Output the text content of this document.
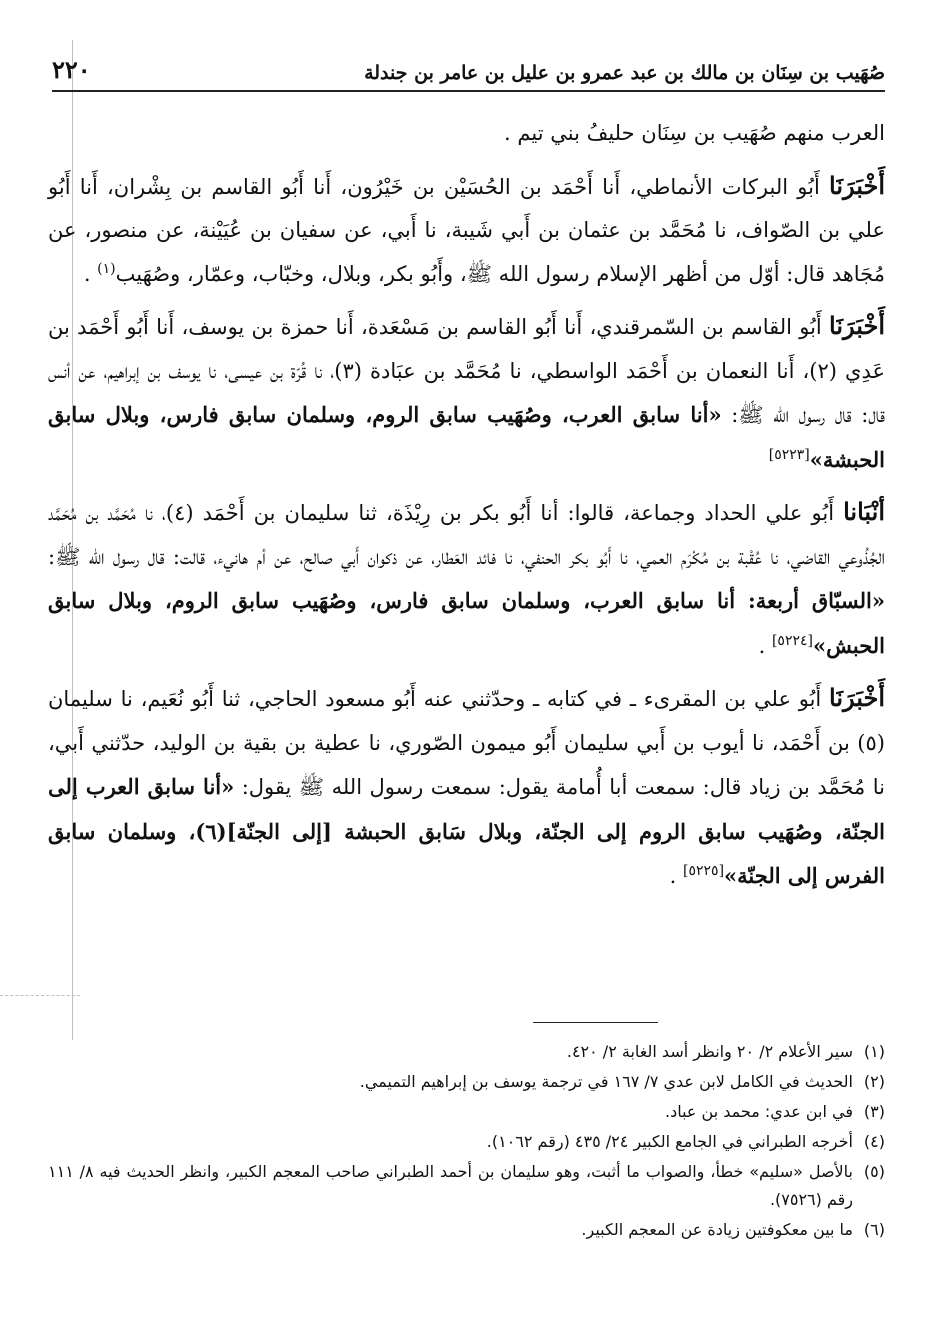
صُهَيب بن سِنَان بن مالك بن عبد عمرو بن عليل بن عامر بن جندلة
٢٢٠

العرب منهم صُهَيب بن سِنَان حليفُ بني تيم .

أَخْبَرَنَا أَبُو البركات الأنماطي، أَنا أَحْمَد بن الحُسَيْن بن خَيْرُون، أَنا أَبُو القاسم بن بِشْران، أَنا أَبُو علي بن الصّواف، نا مُحَمَّد بن عثمان بن أَبي شَيبة، نا أَبي، عن سفيان بن عُيَيْنة، عن منصور، عن مُجَاهد قال: أوّل من أظهر الإسلام رسول الله ﷺ، وأَبُو بكر، وبلال، وخبّاب، وعمّار، وصُهَيب$^{(١)}$ .

أَخْبَرَنَا أَبُو القاسم بن السّمرقندي، أَنا أَبُو القاسم بن مَسْعَدة، أَنا حمزة بن يوسف، أَنا أَبُو أَحْمَد بن عَدِي (٢)، أَنا النعمان بن أَحْمَد الواسطي، نا مُحَمَّد بن عبَادة (٣)، نا قُرّة بن عيسى، نا يوسف بن إبراهيم، عن أنس قال: قال رسول الله ﷺ: «أنا سابق العرب، وصُهَيب سابق الروم، وسلمان سابق فارس، وبلال سابق الحبشة»[٥٢٢٣]

أنْبَانا أَبُو علي الحداد وجماعة، قالوا: أنا أَبُو بكر بن رِيْذَة، ثنا سليمان بن أَحْمَد (٤)، نا مُحَمَّد بن مُحَمَّد الجُذُوعي القاضي، نا عُقْبة بن مُكْرَم العمي، نا أَبُو بكر الحنفي، نا فائد العَطار، عن ذكوان أَبي صالح، عن أم هانيء، قالت: قال رسول الله ﷺ: «السبّاق أربعة: أنا سابق العرب، وسلمان سابق فارس، وصُهَيب سابق الروم، وبلال سابق الحبش»[٥٢٢٤] .

أَخْبَرَنَا أَبُو علي بن المقرىء ـ في كتابه ـ وحدّثني عنه أَبُو مسعود الحاجي، ثنا أَبُو نُعَيم، نا سليمان (٥) بن أَحْمَد، نا أيوب بن أَبي سليمان أَبُو ميمون الصّوري، نا عطية بن بقية بن الوليد، حدّثني أَبي، نا مُحَمَّد بن زياد قال: سمعت أبا أُمامة يقول: سمعت رسول الله ﷺ يقول: «أنا سابق العرب إلى الجنّة، وصُهَيب سابق الروم إلى الجنّة، وبلال سَابق الحبشة [إلى الجنّة](٦)، وسلمان سابق الفرس إلى الجنّة»[٥٢٢٥] .

(١)
سير الأعلام ٢/ ٢٠ وانظر أسد الغابة ٢/ ٤٢٠.
(٢)
الحديث في الكامل لابن عدي ٧/ ١٦٧ في ترجمة يوسف بن إبراهيم التميمي.
(٣)
في ابن عدي: محمد بن عباد.
(٤)
أخرجه الطبراني في الجامع الكبير ٢٤/ ٤٣٥ (رقم ١٠٦٢).
(٥)
بالأصل «سليم» خطأ، والصواب ما أثبت، وهو سليمان بن أحمد الطبراني صاحب المعجم الكبير، وانظر الحديث فيه ٨/ ١١١ رقم (٧٥٢٦).
(٦)
ما بين معكوفتين زيادة عن المعجم الكبير.
